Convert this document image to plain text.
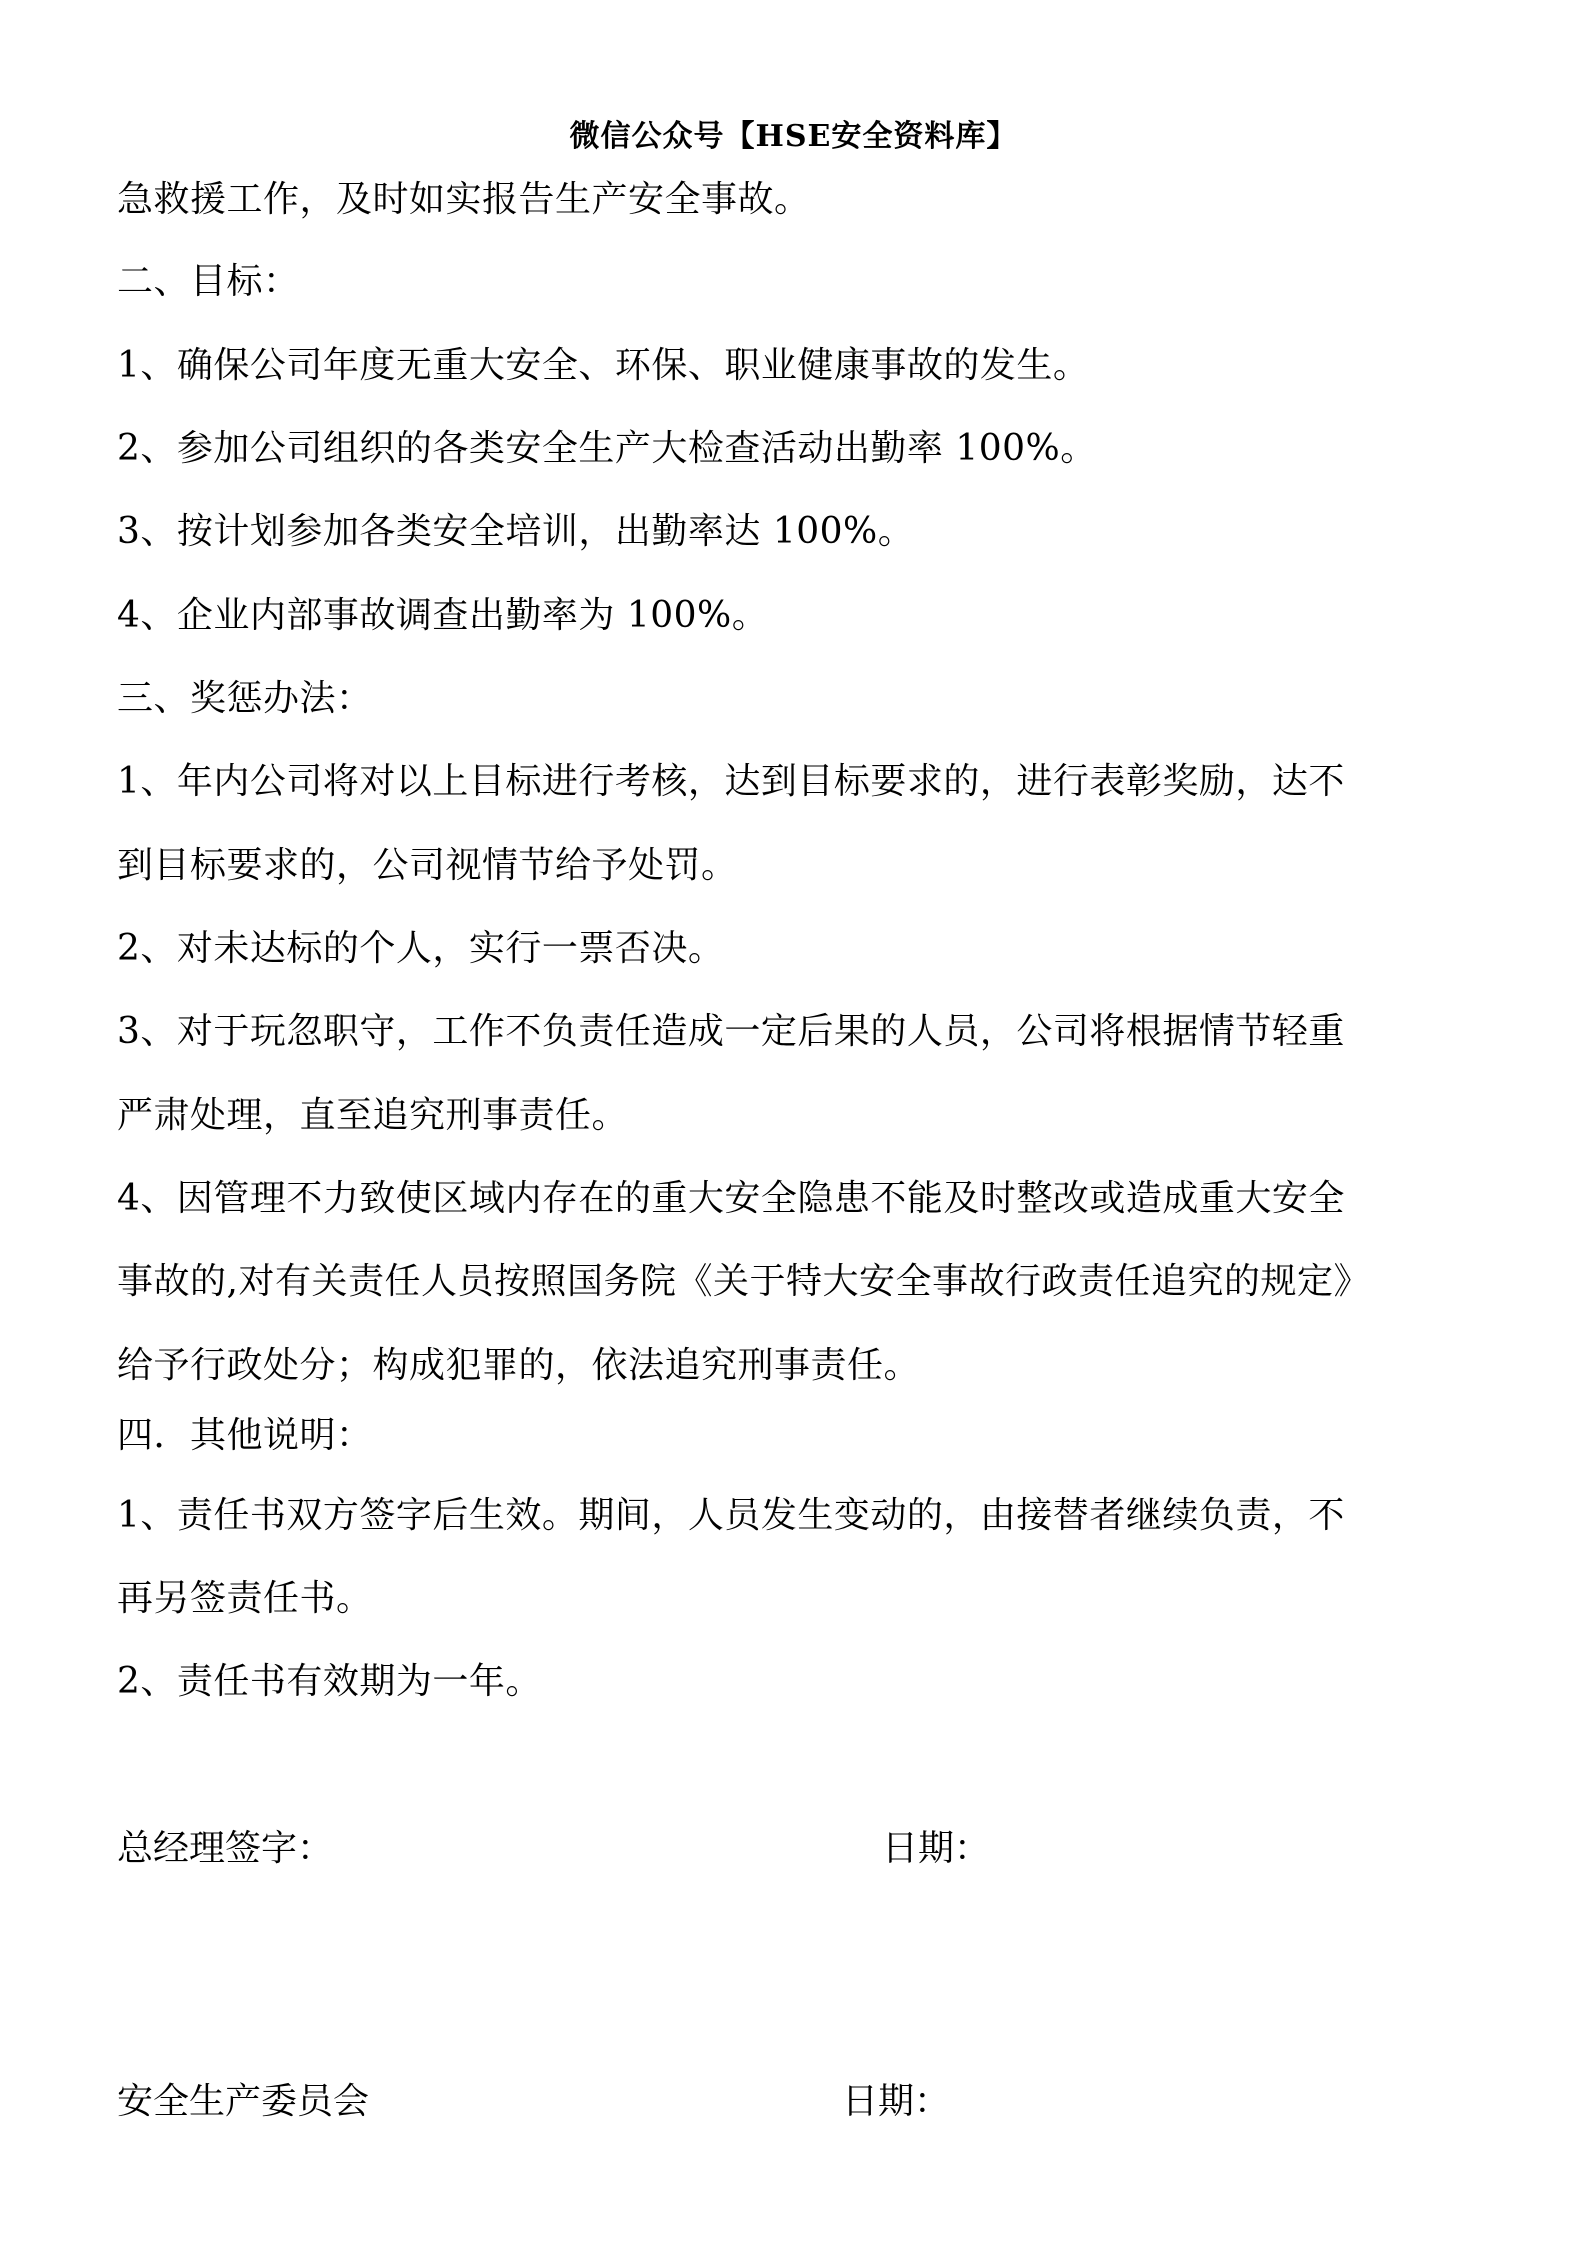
微信公众号【HSE安全资料库】
急救援工作，及时如实报告生产安全事故。
二、目标：
1、确保公司年度无重大安全、环保、职业健康事故的发生。
2、参加公司组织的各类安全生产大检查活动出勤率 100%。
3、按计划参加各类安全培训，出勤率达 100%。
4、企业内部事故调查出勤率为 100%。
三、奖惩办法：
1、年内公司将对以上目标进行考核，达到目标要求的，进行表彰奖励，达不
到目标要求的，公司视情节给予处罚。
2、对未达标的个人，实行一票否决。
3、对于玩忽职守，工作不负责任造成一定后果的人员，公司将根据情节轻重
严肃处理，直至追究刑事责任。
4、因管理不力致使区域内存在的重大安全隐患不能及时整改或造成重大安全
事故的,对有关责任人员按照国务院《关于特大安全事故行政责任追究的规定》
给予行政处分；构成犯罪的，依法追究刑事责任。
四．其他说明：
1、责任书双方签字后生效。期间，人员发生变动的，由接替者继续负责，不
再另签责任书。
2、责任书有效期为一年。
总经理签字：	日期：
安全生产委员会	日期：
